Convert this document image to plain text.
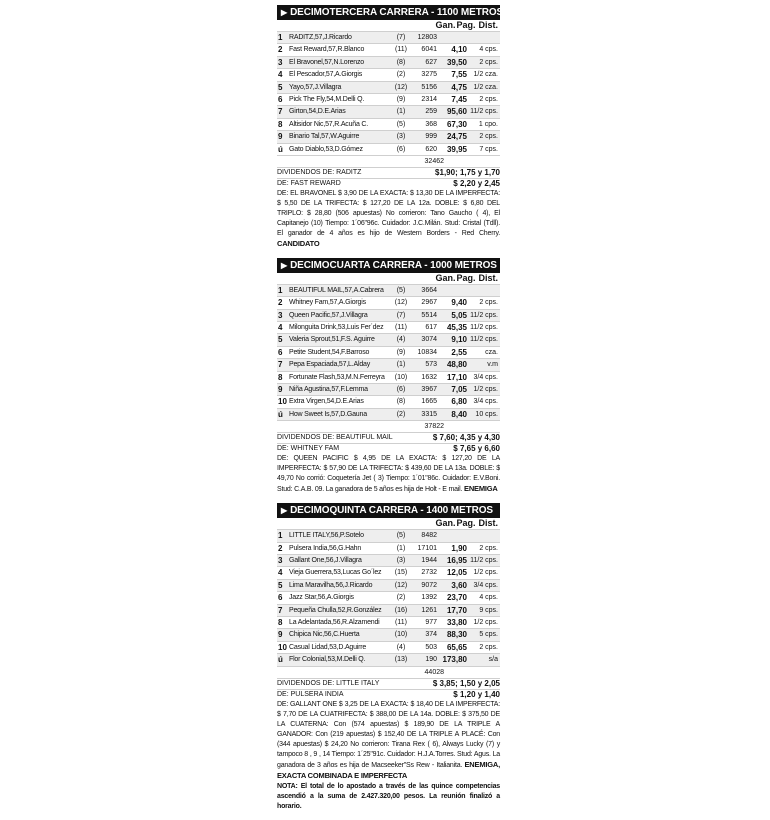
▶ DECIMOTERCERA CARRERA - 1100 METROS
Gan. Pag. Dist.
1 RADITZ,57,J.Ricardo	(7)	12803
2 Fast Reward,57,R.Blanco	(11)	6041	4,10	4 cps.
3 El Bravonel,57,N.Lorenzo	(8)	627	39,50	2 cps.
4 El Pescador,57,A.Giorgis	(2)	3275	7,55 1/2 cza.
5 Yayo,57,J.Villagra	(12)	5156	4,75 1/2 cza.
6 Pick The Fly,54,M.Delli Q.	(9)	2314	7,45	2 cps.
7 Girton,54,D.E.Arias	(1)	259	95,60 11/2 cps.
8 Altisidor Nic,57,R.Acuña C.	(5)	368	67,30	1 cpo.
9 Binario Tal,57,W.Aguirre	(3)	999	24,75	2 cps.
ú Gato Diablo,53,D.Gómez	(6)	620	39,95	7 cps.
32462
DIVIDENDOS DE: RADITZ	$1,90; 1,75 y 1,70
DE: FAST REWARD	$ 2,20 y 2,45
DE: EL BRAVONEL $ 3,90 DE LA EXACTA: $ 13,30 DE LA IMPERFECTA: $ 5,50 DE LA TRIFECTA: $ 127,20 DE LA 12a. DOBLE: $ 6,80 DEL TRIPLO: $ 28,80 (506 apuestas) No corrieron: Tano Gaucho ( 4), El Capitanejo (10) Tiempo: 1´06"96c. Cuidador: J.C.Milán. Stud: Cristal (Tdll). El ganador de 4 años es hijo de Western Borders - Red Cherry. CANDIDATO
▶ DECIMOCUARTA CARRERA - 1000 METROS
Gan. Pag. Dist.
1 BEAUTIFUL MAIL,57,A.Cabrera	(5)	3664
2 Whitney Fam,57,A.Giorgis	(12)	2967	9,40	2 cps.
3 Queen Pacific,57,J.Villagra	(7)	5514	5,05 11/2 cps.
4 Milonguita Drink,53,Luis Fer´dez	(11)	617	45,35 11/2 cps.
5 Valeria Sprout,51,F.S. Aguirre	(4)	3074	9,10 11/2 cps.
6 Petite Student,54,F.Barroso	(9)	10834	2,55	cza.
7 Pepa Espaciada,57,L.Alday	(1)	573	48,80	v.m
8 Fortunate Flash,53,M.N.Ferreyra	(10)	1632	17,10 3/4 cps.
9 Niña Agustina,57,F.Lemma	(6)	3967	7,05 1/2 cps.
10 Extra Virgen,54,D.E.Arias	(8)	1665	6,80 3/4 cps.
ú How Sweet Is,57,D.Gauna	(2)	3315	8,40	10 cps.
37822
DIVIDENDOS DE: BEAUTIFUL MAIL	$ 7,60; 4,35 y 4,30
DE: WHITNEY FAM	$ 7,65 y 6,60
DE: QUEEN PACIFIC $ 4,95 DE LA EXACTA: $ 127,20 DE LA IMPERFECTA: $ 57,90 DE LA TRIFECTA: $ 439,60 DE LA 13a. DOBLE: $ 49,70 No corrió: Coquetería Jet ( 3) Tiempo: 1´01"86c. Cuidador: E.V.Boni. Stud: C.A.B. 09. La ganadora de 5 años es hija de Holt - E mail. ENEMIGA
▶ DECIMOQUINTA CARRERA - 1400 METROS
Gan. Pag. Dist.
1 LITTLE ITALY,56,P.Sotelo	(5)	8482
2 Pulsera India,56,G.Hahn	(1)	17101	1,90	2 cps.
3 Gallant One,56,J.Villagra	(3)	1944	16,95 11/2 cps.
4 Vieja Guerrera,53,Lucas Go´lez	(15)	2732	12,05 1/2 cps.
5 Lima Maravilha,56,J.Ricardo	(12)	9072	3,60 3/4 cps.
6 Jazz Star,56,A.Giorgis	(2)	1392	23,70	4 cps.
7 Pequeña Chulla,52,R.González	(16)	1261	17,70	9 cps.
8 La Adelantada,56,R.Alzamendi	(11)	977	33,80 1/2 cps.
9 Chipica Nic,56,C.Huerta	(10)	374	88,30	5 cps.
10 Casual Lidad,53,D.Aguirre	(4)	503	65,65	2 cps.
ú Flor Colonial,53,M.Delli Q.	(13)	190 173,80	s/a
44028
DIVIDENDOS DE: LITTLE ITALY	$ 3,85; 1,50 y 2,05
DE: PULSERA INDIA	$ 1,20 y 1,40
DE: GALLANT ONE $ 3,25 DE LA EXACTA: $ 18,40 DE LA IMPERFECTA: $ 7,70 DE LA CUATRIFECTA: $ 388,00 DE LA 14a. DOBLE: $ 375,50 DE LA CUATERNA: Con (574 apuestas) $ 189,90 DE LA TRIPLE A GANADOR: Con (219 apuestas) $ 152,40 DE LA TRIPLE A PLACÉ: Con (344 apuestas) $ 24,20 No corrieron: Tirana Rex ( 6), Always Lucky (7) y tampoco 8 , 9 , 14 Tiempo: 1´25"91c. Cuidador: H.J.A.Torres. Stud: Agus. La ganadora de 3 años es hija de Macseeker"Ss Rew - Italianita. ENEMIGA, EXACTA COMBINADA E IMPERFECTA
NOTA: El total de lo apostado a través de las quince competencias ascendió a la suma de 2.427.320,00 pesos. La reunión finalizó a horario.
